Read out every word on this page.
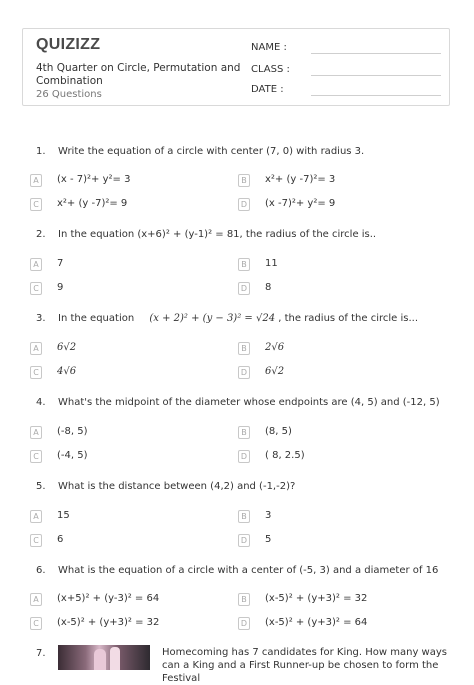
QUIZIZZ
4th Quarter on Circle, Permutation and Combination
26 Questions
NAME :
CLASS :
DATE :
1.	Write the equation of a circle with center (7, 0) with radius 3.
A	(x - 7)²+ y²= 3	B	x²+ (y -7)²= 3
C	x²+ (y -7)²= 9	D (x -7)²+ y²= 9
2.	In the equation (x+6)² + (y-1)² = 81, the radius of the circle is..
A	7	B	11
C	9	D 8
3.	In the equation (x + 2)² + (y − 3)² = √24 , the radius of the circle is...
A	6√2	B	2√6
C	4√6	D 6√2
4.	What's the midpoint of the diameter whose endpoints are (4, 5) and (-12, 5)
A	(-8, 5)	B	(8, 5)
C	(-4, 5)	D ( 8, 2.5)
5.	What is the distance between (4,2) and (-1,-2)?
A	15	B	3
C	6	D 5
6.	What is the equation of a circle with a center of (-5, 3) and a diameter of 16
A	(x+5)² + (y-3)² = 64	B	(x-5)² + (y+3)² = 32
C	(x-5)² + (y+3)² = 32	D (x-5)² + (y+3)² = 64
7.	Homecoming has 7 candidates for King. How many ways can a King and a First Runner-up be chosen to form the Festival
